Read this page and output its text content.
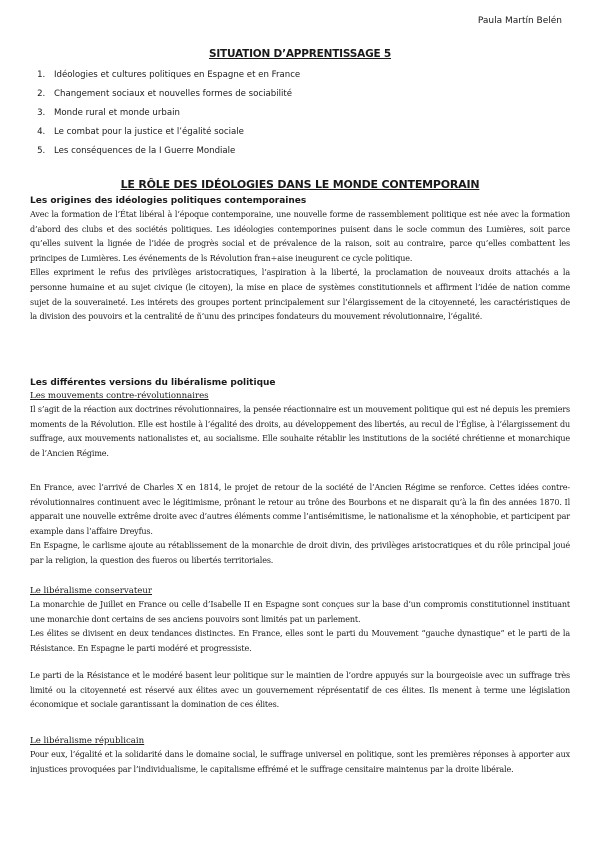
Paula Martín Belén
SITUATION D’APPRENTISSAGE 5
1. Idéologies et cultures politiques en Espagne et en France
2. Changement sociaux et nouvelles formes de sociabilité
3. Monde rural et monde urbain
4. Le combat pour la justice et l’égalité sociale
5. Les conséquences de la I Guerre Mondiale
LE RÔLE DES IDÉOLOGIES DANS LE MONDE CONTEMPORAIN

Les origines des idéologies politiques contemporaines

Avec la formation de l’État libéral à l’époque contemporaine, une nouvelle forme de rassemblement politique est née avec la formation d’abord des clubs et des sociétés politiques. Les idéologies contemporines puisent dans le socle commun des Lumières, soit parce qu’elles suivent la lignée de l’idée de progrès social et de prévalence de la raison, soit au contraire, parce qu’elles combattent les principes de Lumières. Les événements de ls Révolution fran÷aise ineugurent ce cycle politique.

Elles expriment le refus des privilèges aristocratiques, l’aspiration à la liberté, la proclamation de nouveaux droits attachés a la personne humaine et au sujet civique (le citoyen), la mise en place de systèmes constitutionnels et affirment l’idée de nation comme sujet de la souveraineté. Les intérets des groupes portent principalement sur l’élargissement de la citoyenneté, les caractéristiques de la division des pouvoirs et la centralité de ñ’unu des principes fondateurs du mouvement révolutionnaire, l’égalité.

Les différentes versions du libéralisme politique

Les mouvements contre-révolutionnaires

Il s’agit de la réaction aux doctrines révolutionnaires, la pensée réactionnaire est un mouvement politique qui est né depuis les premiers moments de la Révolution. Elle est hostile à l’égalité des droits, au développement des libertés, au recul de l’Église, à l’élargissement du suffrage, aux mouvements nationalistes et, au socialisme. Elle souhaite rétablir les institutions de la société chrétienne et monarchique de l’Ancien Régime.

En France, avec l’arrivé de Charles X en 1814, le projet de retour de la société de l’Ancien Régime se renforce. Cettes idées contre-révolutionnaires continuent avec le légitimisme, prônant le retour au trône des Bourbons et ne disparait qu’à la fin des années 1870. Il apparait une nouvelle extrême droite avec d’autres éléments comme l’antisémitisme, le nationalisme et la xénophobie, et participent par example dans l’affaire Dreyfus.

En Espagne, le carlisme ajoute au rétablissement de la monarchie de droit divin, des privilèges aristocratiques et du rôle principal joué par la religion, la question des fueros ou libertés territoriales.

Le libéralisme conservateur

La monarchie de Juillet en France ou celle d’Isabelle II en Espagne sont conçues sur la base d’un compromis constitutionnel instituant une monarchie dont certains de ses anciens pouvoirs sont limités pat un parlement.

Les élites se divisent en deux tendances distinctes. En France, elles sont le parti du Mouvement “gauche dynastique” et le parti de la Résistance. En Espagne le parti modéré et progressiste.

Le parti de la Résistance et le modéré basent leur politique sur le maintien de l’ordre appuyés sur la bourgeoisie avec un suffrage très limité ou la citoyenneté est réservé aux élites avec un gouvernement réprésentatif de ces élites. Ils menent à terme une législation économique et sociale garantissant la domination de ces élites.

Le libéralisme républicain

Pour eux, l’égalité et la solidarité dans le domaine social, le suffrage universel en politique, sont les premières réponses à apporter aux injustices provoquées par l’individualisme, le capitalisme effrémé et le suffrage censitaire maintenus par la droite libérale.
